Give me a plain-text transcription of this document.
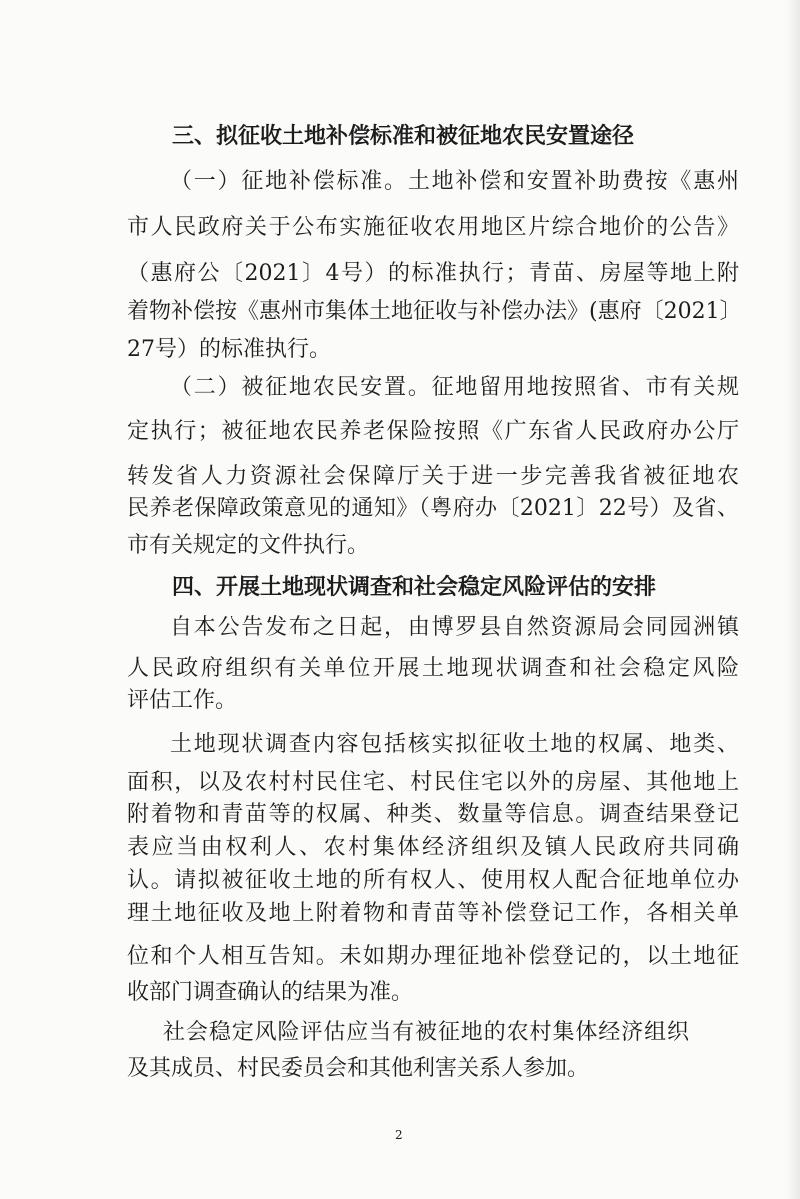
三、拟征收土地补偿标准和被征地农民安置途径
（一）征地补偿标准。土地补偿和安置补助费按《惠州
市人民政府关于公布实施征收农用地区片综合地价的公告》
（惠府公〔2021〕4号）的标准执行；青苗、房屋等地上附
着物补偿按《惠州市集体土地征收与补偿办法》(惠府〔2021〕
27号）的标准执行。
（二）被征地农民安置。征地留用地按照省、市有关规
定执行；被征地农民养老保险按照《广东省人民政府办公厅
转发省人力资源社会保障厅关于进一步完善我省被征地农
民养老保障政策意见的通知》（粤府办〔2021〕22号）及省、
市有关规定的文件执行。
四、开展土地现状调查和社会稳定风险评估的安排
自本公告发布之日起，由博罗县自然资源局会同园洲镇
人民政府组织有关单位开展土地现状调查和社会稳定风险
评估工作。
土地现状调查内容包括核实拟征收土地的权属、地类、
面积，以及农村村民住宅、村民住宅以外的房屋、其他地上
附着物和青苗等的权属、种类、数量等信息。调查结果登记
表应当由权利人、农村集体经济组织及镇人民政府共同确
认。请拟被征收土地的所有权人、使用权人配合征地单位办
理土地征收及地上附着物和青苗等补偿登记工作，各相关单
位和个人相互告知。未如期办理征地补偿登记的，以土地征
收部门调查确认的结果为准。
社会稳定风险评估应当有被征地的农村集体经济组织
及其成员、村民委员会和其他利害关系人参加。
2
